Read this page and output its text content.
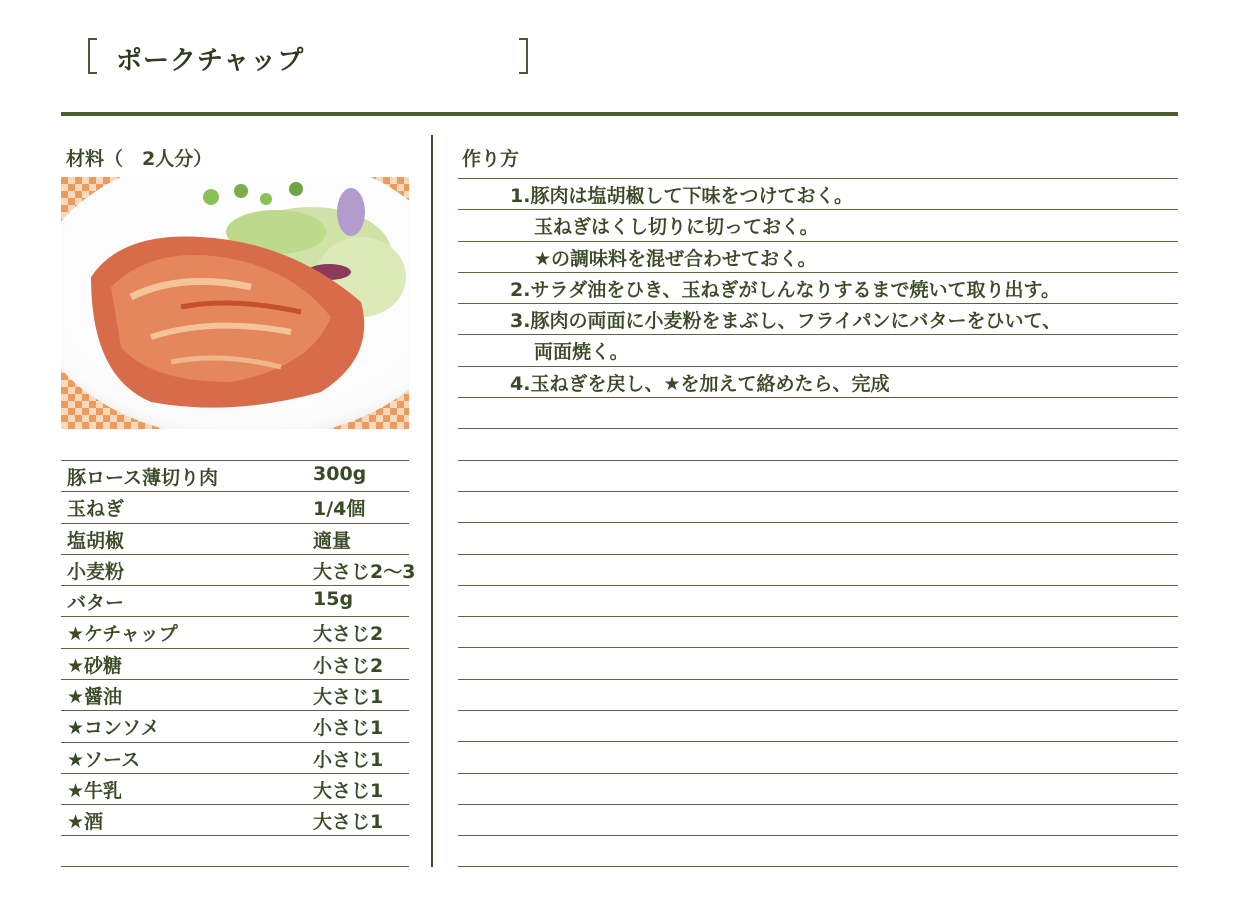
ポークチャップ
材料（　2人分）	作り方
豚ロース薄切り肉	300g
玉ねぎ	1/4個
塩胡椒	適量
小麦粉	大さじ2〜3
バター	15g
★ケチャップ	大さじ2
★砂糖	小さじ2
★醤油	大さじ1
★コンソメ	小さじ1
★ソース	小さじ1
★牛乳	大さじ1
★酒	大さじ1
1.豚肉は塩胡椒して下味をつけておく。
玉ねぎはくし切りに切っておく。
★の調味料を混ぜ合わせておく。
2.サラダ油をひき、玉ねぎがしんなりするまで焼いて取り出す。
3.豚肉の両面に小麦粉をまぶし、フライパンにバターをひいて、
両面焼く。
4.玉ねぎを戻し、★を加えて絡めたら、完成
